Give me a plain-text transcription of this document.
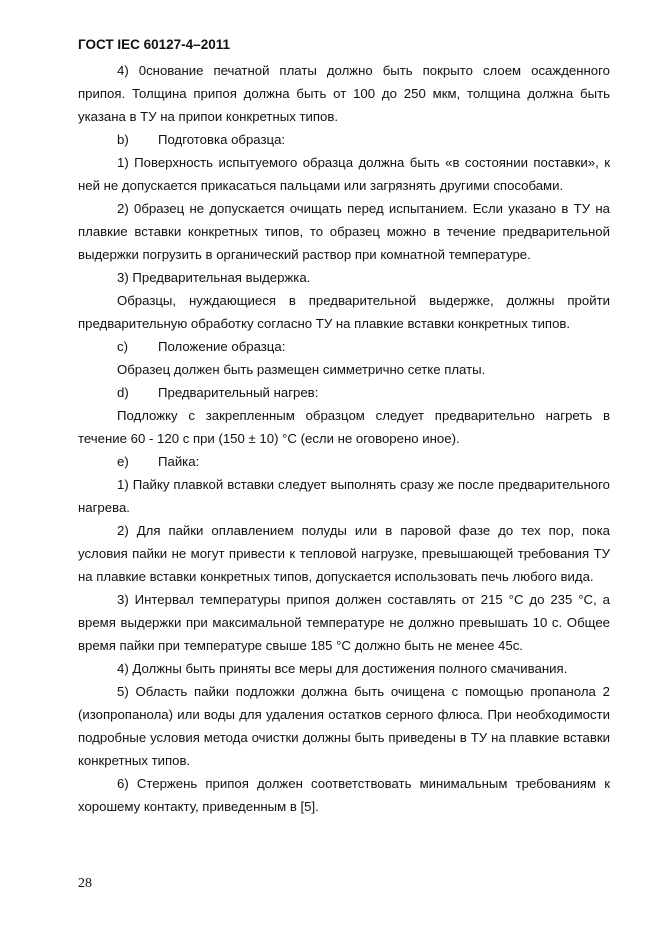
ГОСТ IEC 60127-4–2011

4) 0снование печатной платы должно быть покрыто слоем осажденного припоя. Толщина припоя должна быть от 100 до 250 мкм, толщина должна быть указана в ТУ на припои конкретных типов.

b) Подготовка образца:

1) Поверхность испытуемого образца должна быть «в состоянии поставки», к ней не допускается прикасаться пальцами или загрязнять другими способами.

2) 0бразец не допускается очищать перед испытанием. Если указано в ТУ на плавкие вставки конкретных типов, то образец можно в течение предварительной выдержки погрузить в органический раствор при комнатной температуре.

3) Предварительная выдержка.

Образцы, нуждающиеся в предварительной выдержке, должны пройти предварительную обработку согласно ТУ на плавкие вставки конкретных типов.

c) Положение образца:

Образец должен быть размещен симметрично сетке платы.

d) Предварительный нагрев:

Подложку с закрепленным образцом следует предварительно нагреть в течение 60 - 120 с при (150 ± 10) °С (если не оговорено иное).

e) Пайка:

1) Пайку плавкой вставки следует выполнять сразу же после предварительного нагрева.

2) Для пайки оплавлением полуды или в паровой фазе до тех пор, пока условия пайки не могут привести к тепловой нагрузке, превышающей требования ТУ на плавкие вставки конкретных типов, допускается использовать печь любого вида.

3) Интервал температуры припоя должен составлять от 215 °С до 235 °С, а время выдержки при максимальной температуре не должно превышать 10 с. Общее время пайки при температуре свыше 185 °С должно быть не менее 45с.

4) Должны быть приняты все меры для достижения полного смачивания.

5) Область пайки подложки должна быть очищена с помощью пропанола 2 (изопропанола) или воды для удаления остатков серного флюса. При необходимости подробные условия метода очистки должны быть приведены в ТУ на плавкие вставки конкретных типов.

6) Стержень припоя должен соответствовать минимальным требованиям к хорошему контакту, приведенным в [5].

28
